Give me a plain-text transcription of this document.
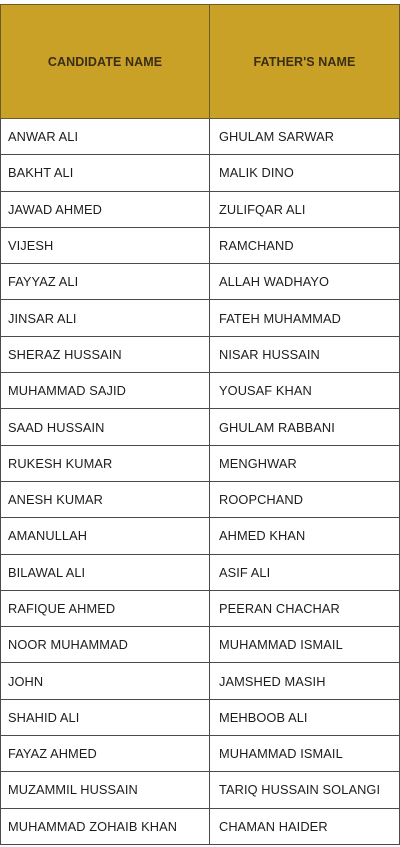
CANDIDATE NAME	FATHER'S NAME
ANWAR ALI	GHULAM SARWAR
BAKHT ALI	MALIK DINO
JAWAD AHMED	ZULIFQAR ALI
VIJESH	RAMCHAND
FAYYAZ ALI	ALLAH WADHAYO
JINSAR ALI	FATEH MUHAMMAD
SHERAZ HUSSAIN	NISAR HUSSAIN
MUHAMMAD SAJID	YOUSAF KHAN
SAAD HUSSAIN	GHULAM RABBANI
RUKESH KUMAR	MENGHWAR
ANESH KUMAR	ROOPCHAND
AMANULLAH	AHMED KHAN
BILAWAL ALI	ASIF ALI
RAFIQUE AHMED	PEERAN CHACHAR
NOOR MUHAMMAD	MUHAMMAD ISMAIL
JOHN	JAMSHED MASIH
SHAHID ALI	MEHBOOB ALI
FAYAZ AHMED	MUHAMMAD ISMAIL
MUZAMMIL HUSSAIN	TARIQ HUSSAIN SOLANGI
MUHAMMAD ZOHAIB KHAN	CHAMAN HAIDER
